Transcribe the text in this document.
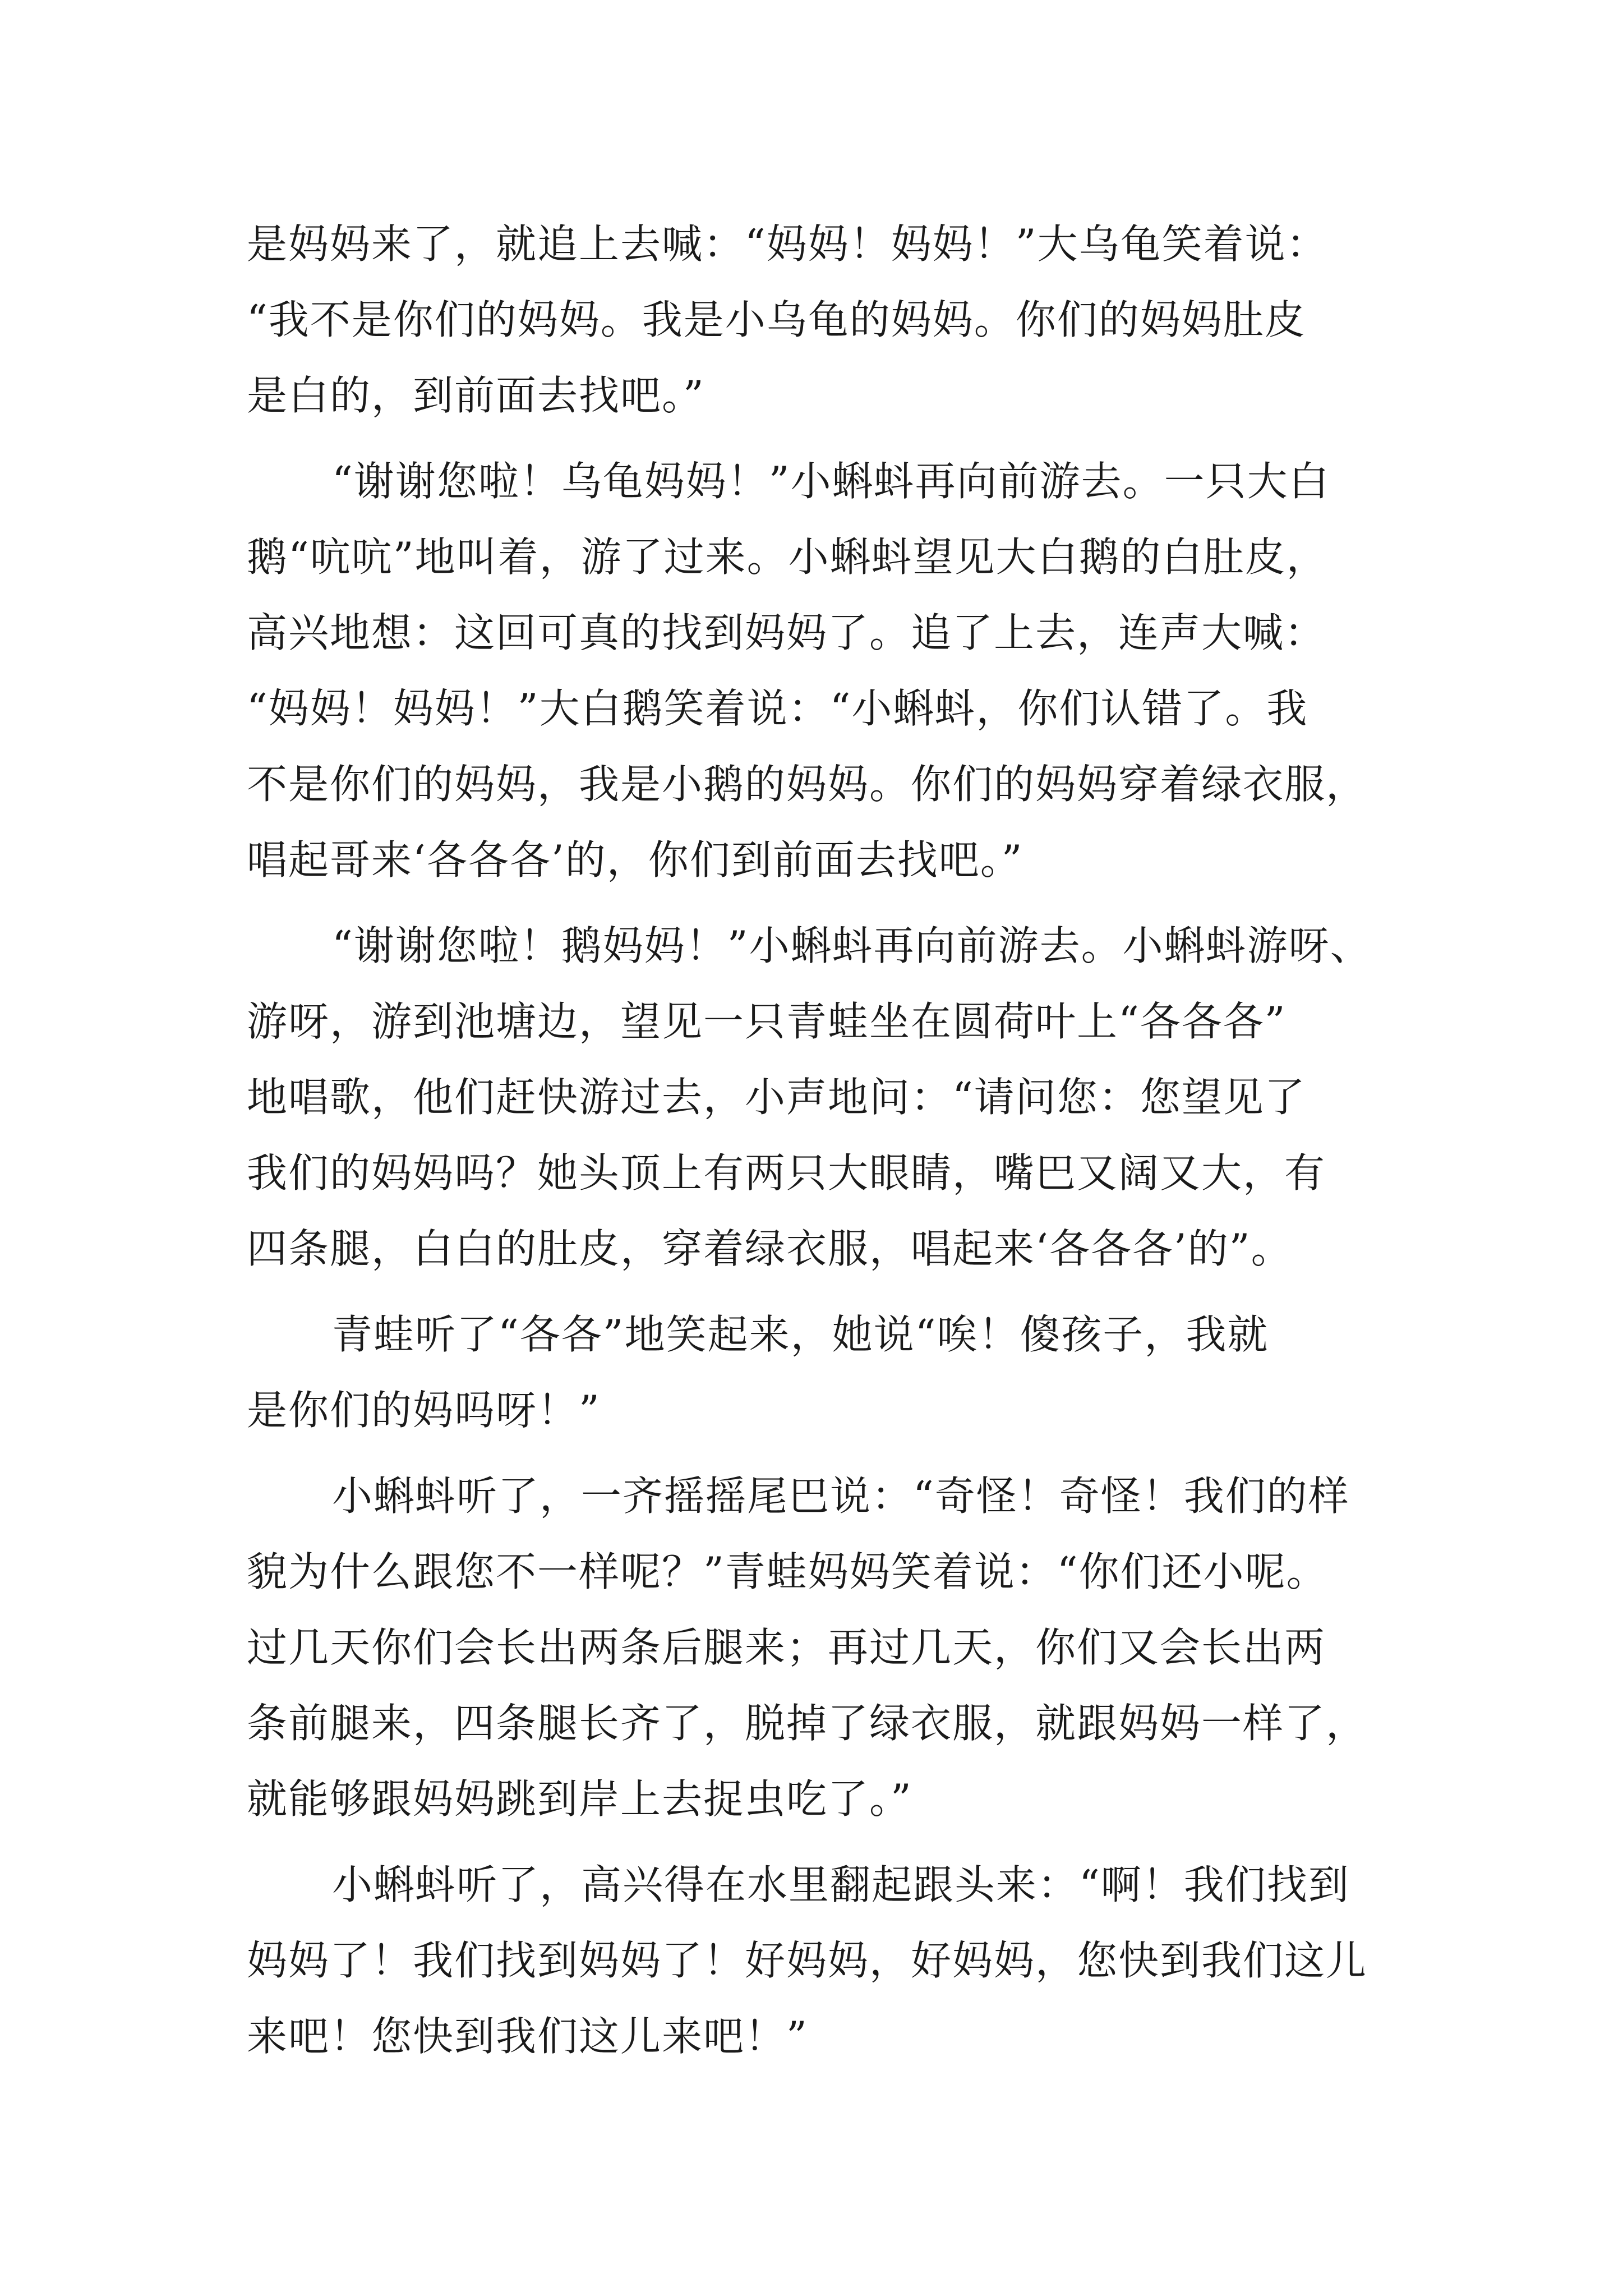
是妈妈来了，就追上去喊：“妈妈！妈妈！”大乌龟笑着说：
“我不是你们的妈妈。我是小乌龟的妈妈。你们的妈妈肚皮
是白的，到前面去找吧。”
“谢谢您啦！乌龟妈妈！”小蝌蚪再向前游去。一只大白
鹅“吭吭”地叫着，游了过来。小蝌蚪望见大白鹅的白肚皮，
高兴地想：这回可真的找到妈妈了。追了上去，连声大喊：
“妈妈！妈妈！”大白鹅笑着说：“小蝌蚪，你们认错了。我
不是你们的妈妈，我是小鹅的妈妈。你们的妈妈穿着绿衣服，
唱起哥来‘各各各’的，你们到前面去找吧。”
“谢谢您啦！鹅妈妈！”小蝌蚪再向前游去。小蝌蚪游呀、
游呀，游到池塘边，望见一只青蛙坐在圆荷叶上“各各各”
地唱歌，他们赶快游过去，小声地问：“请问您：您望见了
我们的妈妈吗？她头顶上有两只大眼睛，嘴巴又阔又大，有
四条腿，白白的肚皮，穿着绿衣服，唱起来‘各各各’的”。
青蛙听了“各各”地笑起来，她说“唉！傻孩子，我就
是你们的妈吗呀！”
小蝌蚪听了，一齐摇摇尾巴说：“奇怪！奇怪！我们的样
貌为什么跟您不一样呢？”青蛙妈妈笑着说：“你们还小呢。
过几天你们会长出两条后腿来；再过几天，你们又会长出两
条前腿来，四条腿长齐了，脱掉了绿衣服，就跟妈妈一样了，
就能够跟妈妈跳到岸上去捉虫吃了。”
小蝌蚪听了，高兴得在水里翻起跟头来：“啊！我们找到
妈妈了！我们找到妈妈了！好妈妈，好妈妈，您快到我们这儿
来吧！您快到我们这儿来吧！”
